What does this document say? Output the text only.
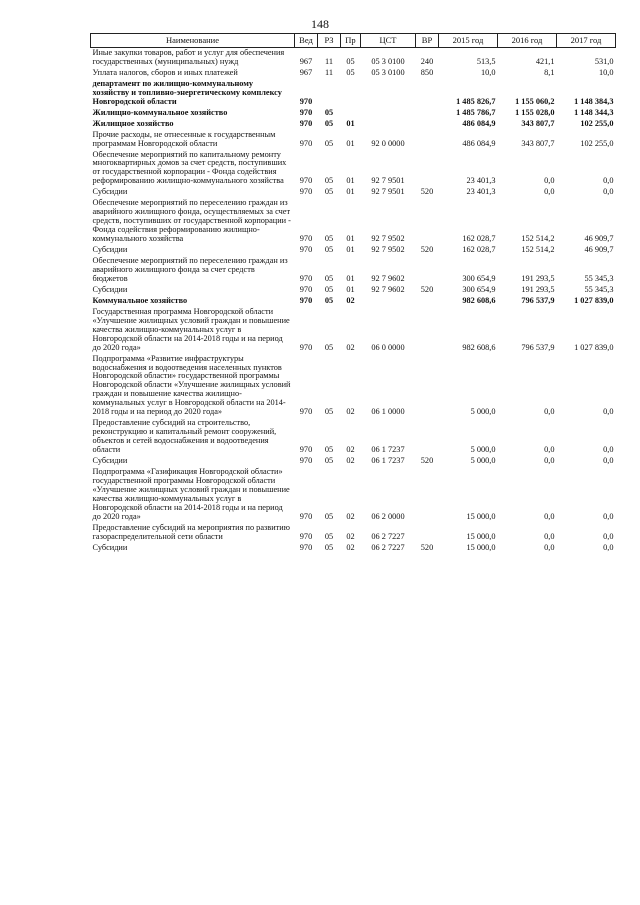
148
Наименование	Вед	РЗ	Пр	ЦСТ	ВР	2015 год	2016 год	2017 год
Иные закупки товаров, работ и услуг для обеспечения государственных (муниципальных) нужд	967	11	05	05 3 0100	240	513,5	421,1	531,0
Уплата налогов, сборов и иных платежей	967	11	05	05 3 0100	850	10,0	8,1	10,0
департамент по жилищно-коммунальному хозяйству и топливно-энергетическому комплексу Новгородской области	970					1 485 826,7	1 155 060,2	1 148 384,3
Жилищно-коммунальное хозяйство	970	05				1 485 786,7	1 155 028,0	1 148 344,3
Жилищное хозяйство	970	05	01			486 084,9	343 807,7	102 255,0
Прочие расходы, не отнесенные к государственным программам Новгородской области	970	05	01	92 0 0000		486 084,9	343 807,7	102 255,0
Обеспечение мероприятий по капитальному ремонту многоквартирных домов за счет средств, поступивших от государственной корпорации - Фонда содействия реформированию жилищно-коммунального хозяйства	970	05	01	92 7 9501		23 401,3	0,0	0,0
Субсидии	970	05	01	92 7 9501	520	23 401,3	0,0	0,0
Обеспечение мероприятий по переселению граждан из аварийного жилищного фонда, осуществляемых за счет средств, поступивших от государственной корпорации - Фонда содействия реформированию жилищно-коммунального хозяйства	970	05	01	92 7 9502		162 028,7	152 514,2	46 909,7
Субсидии	970	05	01	92 7 9502	520	162 028,7	152 514,2	46 909,7
Обеспечение мероприятий по переселению граждан из аварийного жилищного фонда за счет средств бюджетов	970	05	01	92 7 9602		300 654,9	191 293,5	55 345,3
Субсидии	970	05	01	92 7 9602	520	300 654,9	191 293,5	55 345,3
Коммунальное хозяйство	970	05	02			982 608,6	796 537,9	1 027 839,0
Государственная программа Новгородской области «Улучшение жилищных условий граждан и повышение качества жилищно-коммунальных услуг в Новгородской области на 2014-2018 годы и на период до 2020 года»	970	05	02	06 0 0000		982 608,6	796 537,9	1 027 839,0
Подпрограмма «Развитие инфраструктуры водоснабжения и водоотведения населенных пунктов Новгородской области» государственной программы Новгородской области «Улучшение жилищных условий граждан и повышение качества жилищно-коммунальных услуг в Новгородской области на 2014-2018 годы и на период до 2020 года»	970	05	02	06 1 0000		5 000,0	0,0	0,0
Предоставление субсидий на строительство, реконструкцию и капитальный ремонт сооружений, объектов и сетей водоснабжения и водоотведения области	970	05	02	06 1 7237		5 000,0	0,0	0,0
Субсидии	970	05	02	06 1 7237	520	5 000,0	0,0	0,0
Подпрограмма «Газификация Новгородской области» государственной программы Новгородской области «Улучшение жилищных условий граждан и повышение качества жилищно-коммунальных услуг в Новгородской области на 2014-2018 годы и на период до 2020 года»	970	05	02	06 2 0000		15 000,0	0,0	0,0
Предоставление субсидий на мероприятия по развитию газораспределительной сети области	970	05	02	06 2 7227		15 000,0	0,0	0,0
Субсидии	970	05	02	06 2 7227	520	15 000,0	0,0	0,0
